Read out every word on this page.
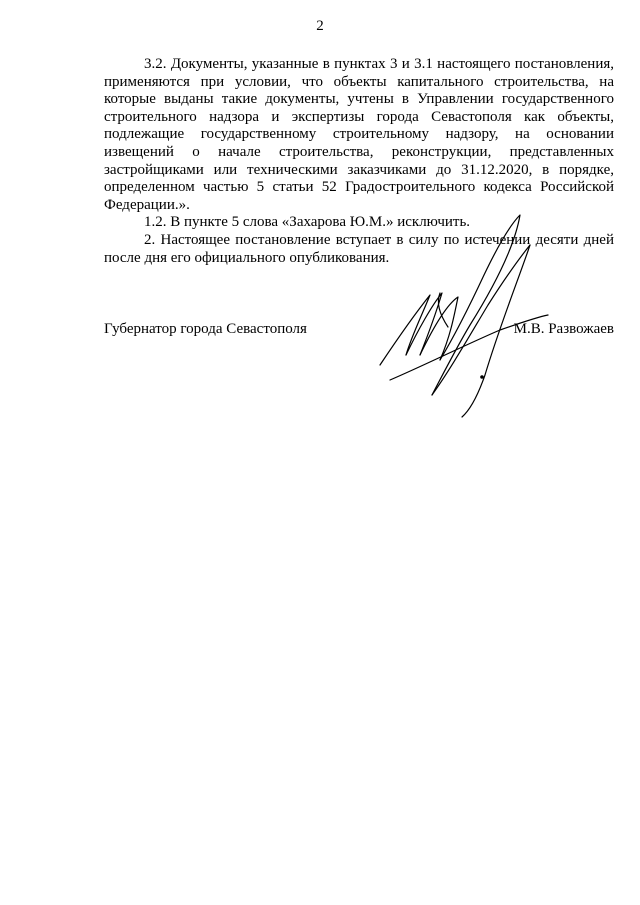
2

3.2. Документы, указанные в пунктах 3 и 3.1 настоящего постановления, применяются при условии, что объекты капитального строительства, на которые выданы такие документы, учтены в Управлении государственного строительного надзора и экспертизы города Севастополя как объекты, подлежащие государственному строительному надзору, на основании извещений о начале строительства, реконструкции, представленных застройщиками или техническими заказчиками до 31.12.2020, в порядке, определенном частью 5 статьи 52 Градостроительного кодекса Российской Федерации.».

1.2. В пункте 5 слова «Захарова Ю.М.» исключить.

2. Настоящее постановление вступает в силу по истечении десяти дней после дня его официального опубликования.

Губернатор города Севастополя	М.В. Развожаев
